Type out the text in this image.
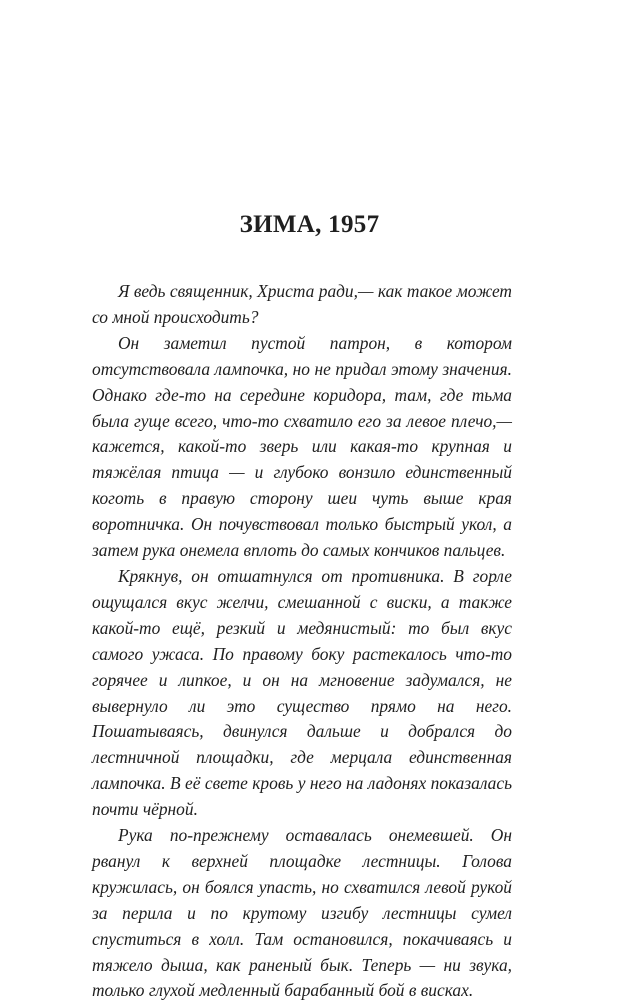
ЗИМА, 1957

Я ведь священник, Христа ради,— как такое может со мной происходить?

Он заметил пустой патрон, в котором отсутствовала лампочка, но не придал этому значения. Однако где-то на середине коридора, там, где тьма была гуще всего, что-то схватило его за левое плечо,— кажется, какой-то зверь или какая-то крупная и тяжёлая птица — и глубоко вонзило единственный коготь в правую сторону шеи чуть выше края воротничка. Он почувствовал только быстрый укол, а затем рука онемела вплоть до самых кончиков пальцев.

Крякнув, он отшатнулся от противника. В горле ощущался вкус желчи, смешанной с виски, а также какой-то ещё, резкий и медянистый: то был вкус самого ужаса. По правому боку растекалось что-то горячее и липкое, и он на мгновение задумался, не вывернуло ли это существо прямо на него. Пошатываясь, двинулся дальше и добрался до лестничной площадки, где мерцала единственная лампочка. В её свете кровь у него на ладонях показалась почти чёрной.

Рука по-прежнему оставалась онемевшей. Он рванул к верхней площадке лестницы. Голова кружилась, он боялся упасть, но схватился левой рукой за перила и по крутому изгибу лестницы сумел спуститься в холл. Там остановился, покачиваясь и тяжело дыша, как раненый бык. Теперь — ни звука, только глухой медленный барабанный бой в висках.
